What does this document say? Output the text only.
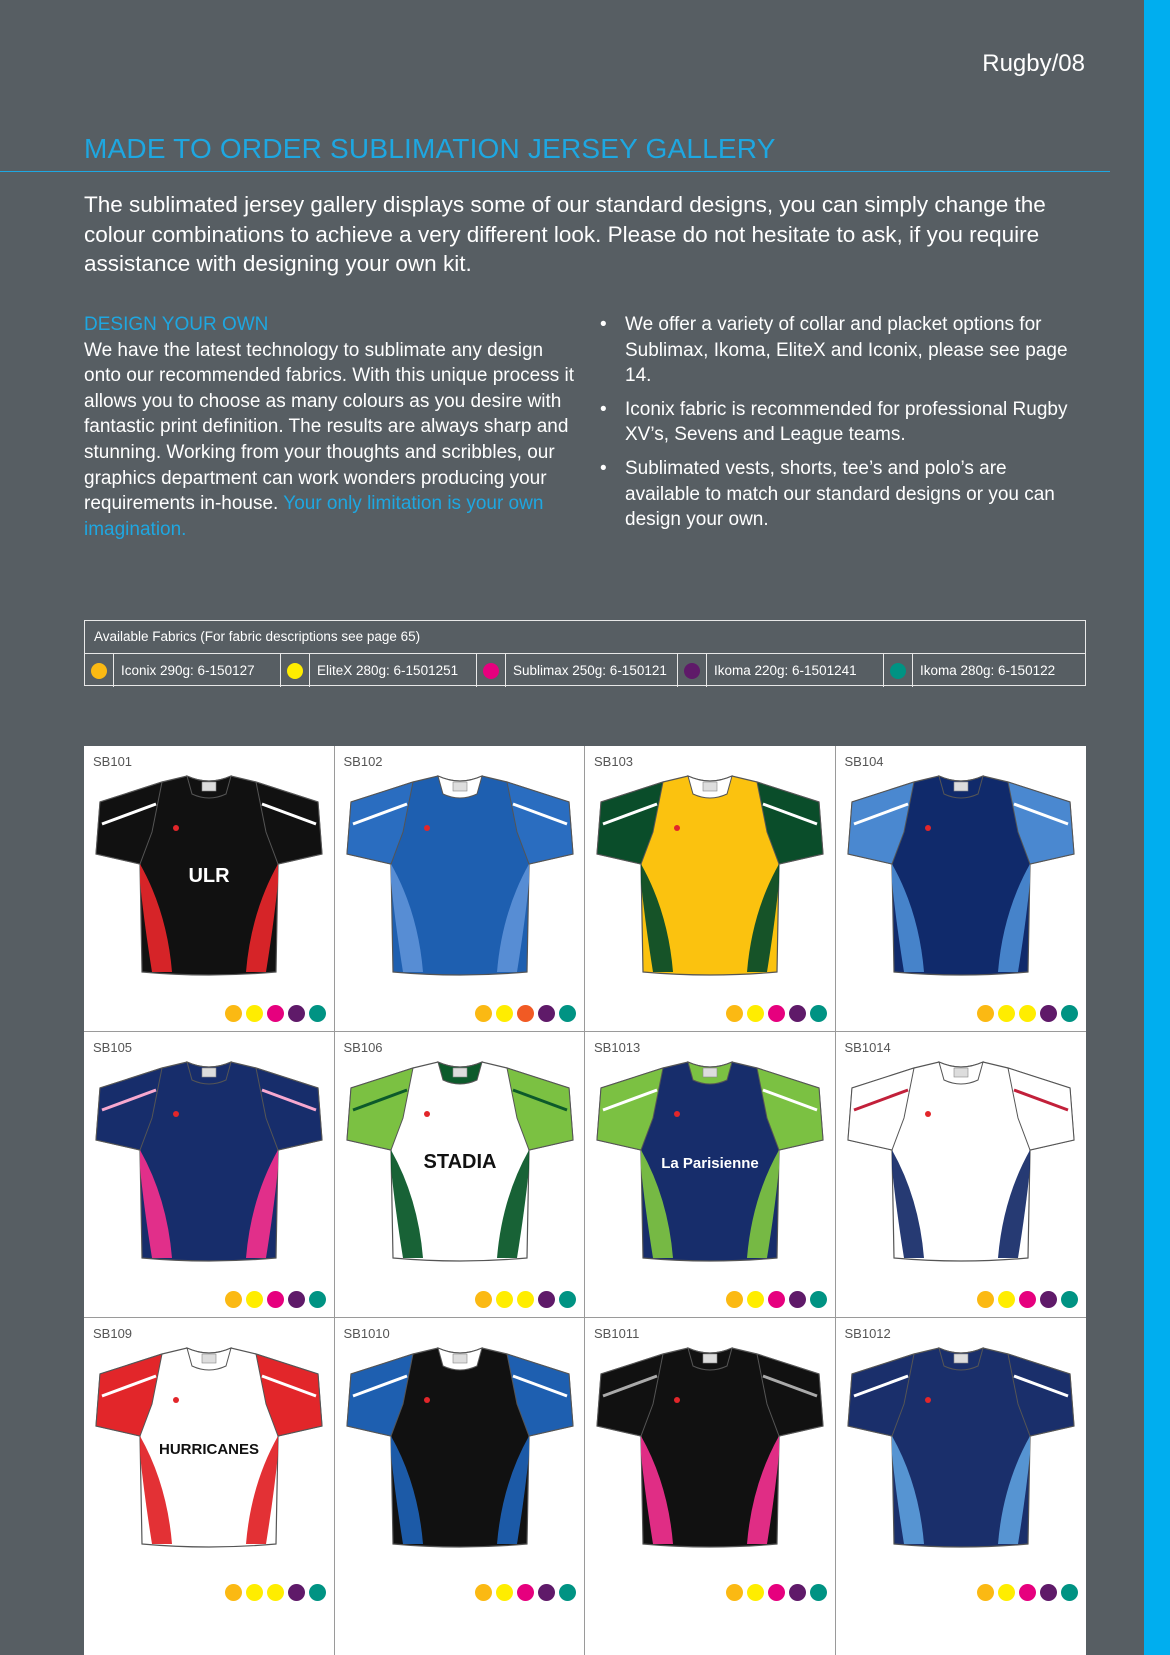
Rugby/08
MADE TO ORDER SUBLIMATION JERSEY GALLERY
The sublimated jersey gallery displays some of our standard designs, you can simply change the colour combinations to achieve a very different look. Please do not hesitate to ask, if you require assistance with designing your own kit.
DESIGN YOUR OWN
We have the latest technology to sublimate any design onto our recommended fabrics. With this unique process it allows you to choose as many colours as you desire with fantastic print definition. The results are always sharp and stunning. Working from your thoughts and scribbles, our graphics department can work wonders producing your requirements in-house. Your only limitation is your own imagination.
• We offer a variety of collar and placket options for Sublimax, Ikoma, EliteX and Iconix, please see page 14.
• Iconix fabric is recommended for professional Rugby XV’s, Sevens and League teams.
• Sublimated vests, shorts, tee’s and polo’s are available to match our standard designs or you can design your own.
Available Fabrics (For fabric descriptions see page 65)
Iconix 290g: 6-150127	EliteX 280g: 6-1501251	Sublimax 250g: 6-150121	Ikoma 220g: 6-1501241	Ikoma 280g: 6-150122
SB101
ULR
SB102	SB103	SB104
SB105	SB106
STADIA
SB1013
La Parisienne
SB1014
SB109
HURRICANES
SB1010	SB1011	SB1012
